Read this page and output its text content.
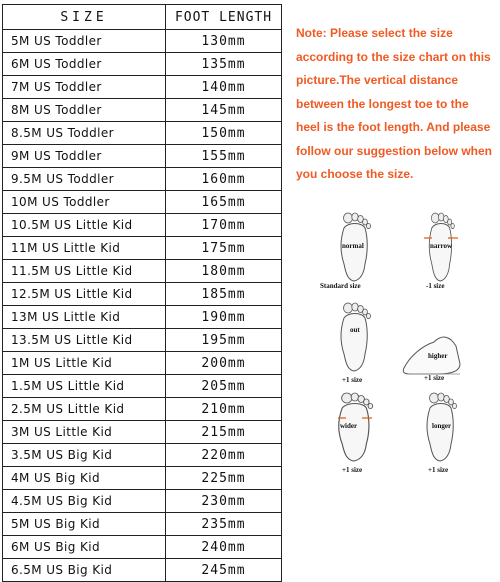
SIZE	FOOT LENGTH
5M US Toddler	130mm
6M US Toddler	135mm
7M US Toddler	140mm
8M US Toddler	145mm
8.5M US Toddler	150mm
9M US Toddler	155mm
9.5M US Toddler	160mm
10M US Toddler	165mm
10.5M US Little Kid	170mm
11M US Little Kid	175mm
11.5M US Little Kid	180mm
12.5M US Little Kid	185mm
13M US Little Kid	190mm
13.5M US Little Kid	195mm
1M US Little Kid	200mm
1.5M US Little Kid	205mm
2.5M US Little Kid	210mm
3M US Little Kid	215mm
3.5M US Big Kid	220mm
4M US Big Kid	225mm
4.5M US Big Kid	230mm
5M US Big Kid	235mm
6M US Big Kid	240mm
6.5M US Big Kid	245mm
Note: Please select the size according to the size chart on this picture.The vertical distance between the longest toe to the heel is the foot length. And please follow our suggestion below when you choose the size.
normal
Standard size
narrow
-1 size
out
+1 size
higher
+1 size
wider
+1 size
longer
+1 size
